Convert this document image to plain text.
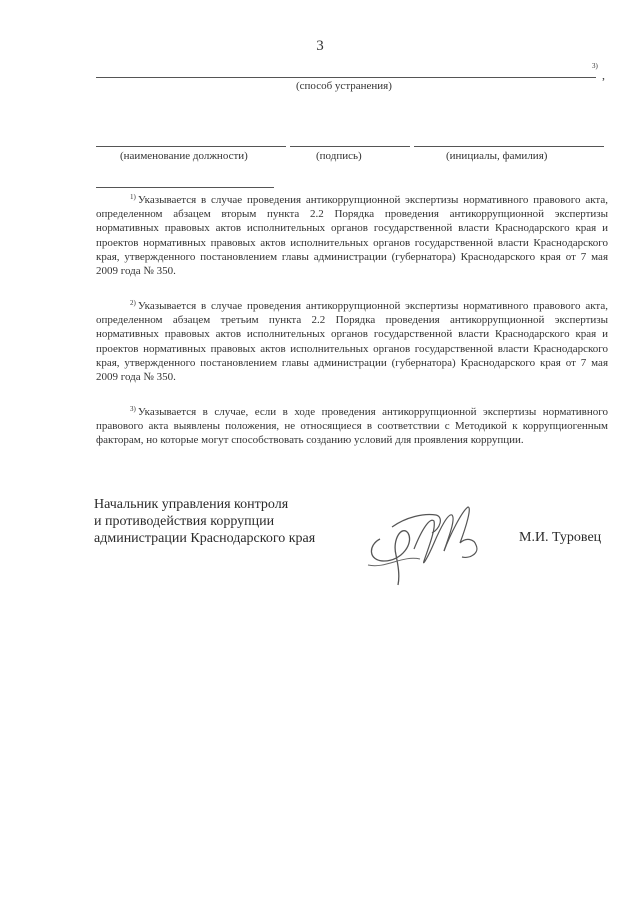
3
3)
,
(способ устранения)
(наименование должности)	(подпись)	(инициалы, фамилия)
$^{1)}$ Указывается в случае проведения антикоррупционной экспертизы нормативного правового акта, определенном абзацем вторым пункта 2.2 Порядка проведения антикоррупционной экспертизы нормативных правовых актов исполнительных органов государственной власти Краснодарского края и проектов нормативных правовых актов исполнительных органов государственной власти Краснодарского края, утвержденного постановлением главы администрации (губернатора) Краснодарского края от 7 мая 2009 года № 350.
$^{2)}$ Указывается в случае проведения антикоррупционной экспертизы нормативного правового акта, определенном абзацем третьим пункта 2.2 Порядка проведения антикоррупционной экспертизы нормативных правовых актов исполнительных органов государственной власти Краснодарского края и проектов нормативных правовых актов исполнительных органов государственной власти Краснодарского края, утвержденного постановлением главы администрации (губернатора) Краснодарского края от 7 мая 2009 года № 350.
$^{3)}$ Указывается в случае, если в ходе проведения антикоррупционной экспертизы нормативного правового акта выявлены положения, не относящиеся в соответствии с Методикой к коррупциогенным факторам, но которые могут способствовать созданию условий для проявления коррупции.
Начальник управления контроля
и противодействия коррупции
администрации Краснодарского края	М.И. Туровец
